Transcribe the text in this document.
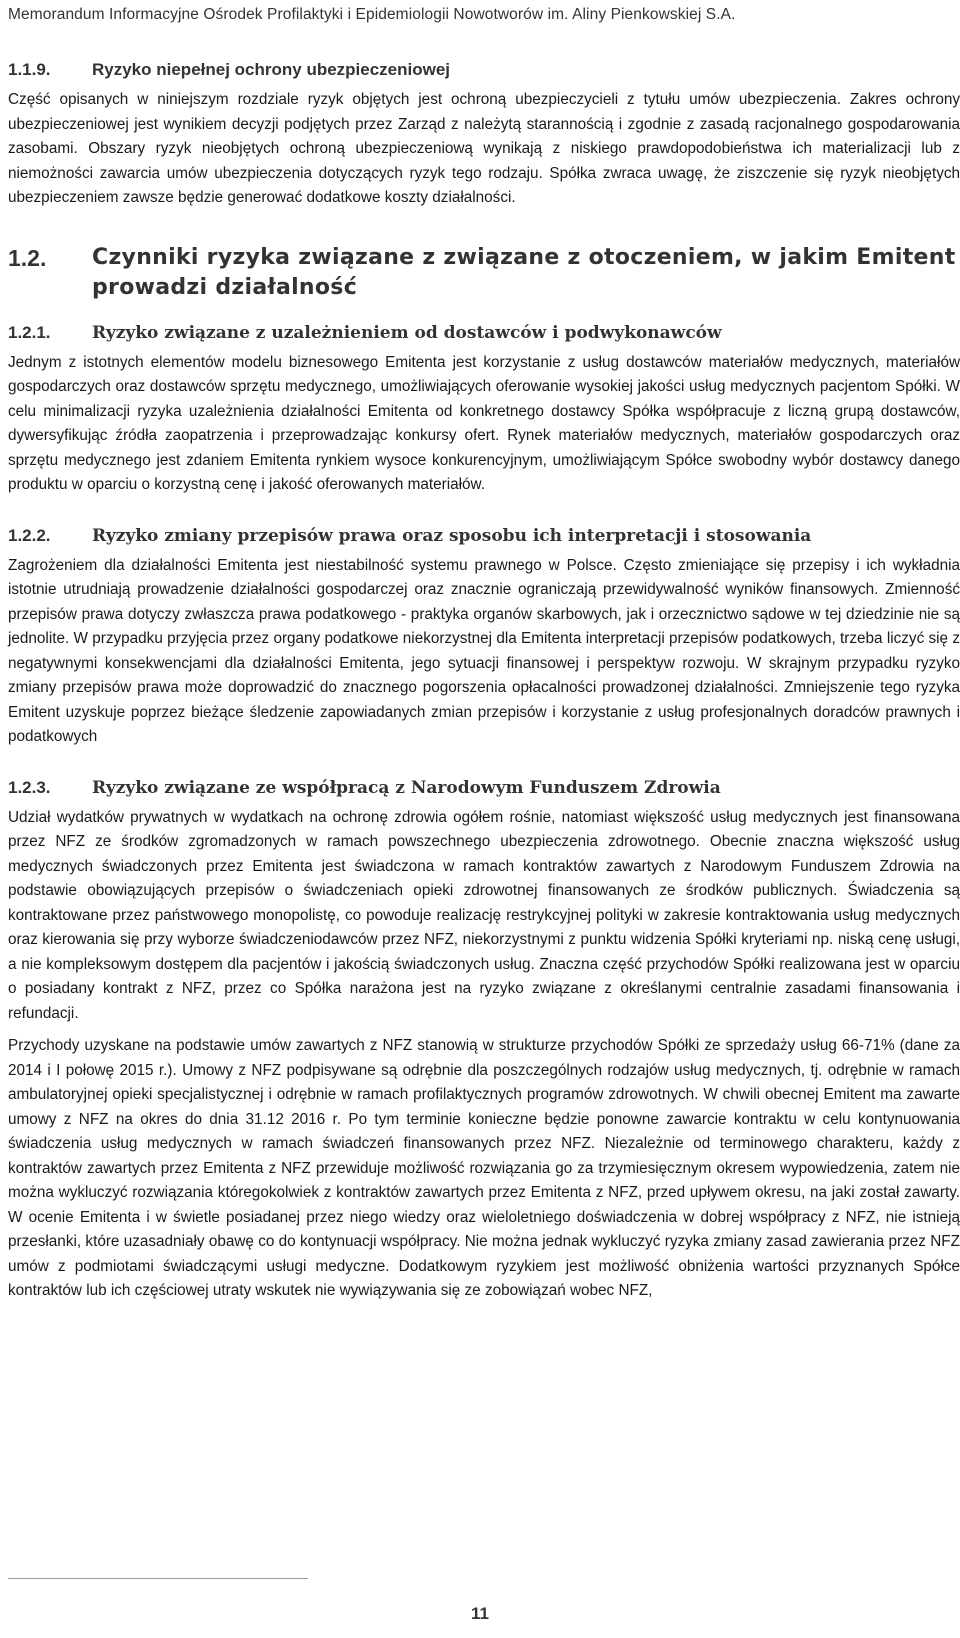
Memorandum Informacyjne Ośrodek Profilaktyki i Epidemiologii Nowotworów im. Aliny Pienkowskiej S.A.
1.1.9.	Ryzyko niepełnej ochrony ubezpieczeniowej

Część opisanych w niniejszym rozdziale ryzyk objętych jest ochroną ubezpieczycieli z tytułu umów ubezpieczenia. Zakres ochrony ubezpieczeniowej jest wynikiem decyzji podjętych przez Zarząd z należytą starannością i zgodnie z zasadą racjonalnego gospodarowania zasobami. Obszary ryzyk nieobjętych ochroną ubezpieczeniową wynikają z niskiego prawdopodobieństwa ich materializacji lub z niemożności zawarcia umów ubezpieczenia dotyczących ryzyk tego rodzaju. Spółka zwraca uwagę, że ziszczenie się ryzyk nieobjętych ubezpieczeniem zawsze będzie generować dodatkowe koszty działalności.

1.2.	Czynniki ryzyka związane z związane z otoczeniem, w jakim Emitent prowadzi działalność
1.2.1.	Ryzyko związane z uzależnieniem od dostawców i podwykonawców

Jednym z istotnych elementów modelu biznesowego Emitenta jest korzystanie z usług dostawców materiałów medycznych, materiałów gospodarczych oraz dostawców sprzętu medycznego, umożliwiających oferowanie wysokiej jakości usług medycznych pacjentom Spółki. W celu minimalizacji ryzyka uzależnienia działalności Emitenta od konkretnego dostawcy Spółka współpracuje z liczną grupą dostawców, dywersyfikując źródła zaopatrzenia i przeprowadzając konkursy ofert. Rynek materiałów medycznych, materiałów gospodarczych oraz sprzętu medycznego jest zdaniem Emitenta rynkiem wysoce konkurencyjnym, umożliwiającym Spółce swobodny wybór dostawcy danego produktu w oparciu o korzystną cenę i jakość oferowanych materiałów.

1.2.2.	Ryzyko zmiany przepisów prawa oraz sposobu ich interpretacji i stosowania

Zagrożeniem dla działalności Emitenta jest niestabilność systemu prawnego w Polsce. Często zmieniające się przepisy i ich wykładnia istotnie utrudniają prowadzenie działalności gospodarczej oraz znacznie ograniczają przewidywalność wyników finansowych. Zmienność przepisów prawa dotyczy zwłaszcza prawa podatkowego - praktyka organów skarbowych, jak i orzecznictwo sądowe w tej dziedzinie nie są jednolite. W przypadku przyjęcia przez organy podatkowe niekorzystnej dla Emitenta interpretacji przepisów podatkowych, trzeba liczyć się z negatywnymi konsekwencjami dla działalności Emitenta, jego sytuacji finansowej i perspektyw rozwoju. W skrajnym przypadku ryzyko zmiany przepisów prawa może doprowadzić do znacznego pogorszenia opłacalności prowadzonej działalności. Zmniejszenie tego ryzyka Emitent uzyskuje poprzez bieżące śledzenie zapowiadanych zmian przepisów i korzystanie z usług profesjonalnych doradców prawnych i podatkowych

1.2.3.	Ryzyko związane ze współpracą z Narodowym Funduszem Zdrowia

Udział wydatków prywatnych w wydatkach na ochronę zdrowia ogółem rośnie, natomiast większość usług medycznych jest finansowana przez NFZ ze środków zgromadzonych w ramach powszechnego ubezpieczenia zdrowotnego. Obecnie znaczna większość usług medycznych świadczonych przez Emitenta jest świadczona w ramach kontraktów zawartych z Narodowym Funduszem Zdrowia na podstawie obowiązujących przepisów o świadczeniach opieki zdrowotnej finansowanych ze środków publicznych. Świadczenia są kontraktowane przez państwowego monopolistę, co powoduje realizację restrykcyjnej polityki w zakresie kontraktowania usług medycznych oraz kierowania się przy wyborze świadczeniodawców przez NFZ, niekorzystnymi z punktu widzenia Spółki kryteriami np. niską cenę usługi, a nie kompleksowym dostępem dla pacjentów i jakością świadczonych usług. Znaczna część przychodów Spółki realizowana jest w oparciu o posiadany kontrakt z NFZ, przez co Spółka narażona jest na ryzyko związane z określanymi centralnie zasadami finansowania i refundacji.

Przychody uzyskane na podstawie umów zawartych z NFZ stanowią w strukturze przychodów Spółki ze sprzedaży usług 66-71% (dane za 2014 i I połowę 2015 r.). Umowy z NFZ podpisywane są odrębnie dla poszczególnych rodzajów usług medycznych, tj. odrębnie w ramach ambulatoryjnej opieki specjalistycznej i odrębnie w ramach profilaktycznych programów zdrowotnych. W chwili obecnej Emitent ma zawarte umowy z NFZ na okres do dnia 31.12 2016 r. Po tym terminie konieczne będzie ponowne zawarcie kontraktu w celu kontynuowania świadczenia usług medycznych w ramach świadczeń finansowanych przez NFZ. Niezależnie od terminowego charakteru, każdy z kontraktów zawartych przez Emitenta z NFZ przewiduje możliwość rozwiązania go za trzymiesięcznym okresem wypowiedzenia, zatem nie można wykluczyć rozwiązania któregokolwiek z kontraktów zawartych przez Emitenta z NFZ, przed upływem okresu, na jaki został zawarty. W ocenie Emitenta i w świetle posiadanej przez niego wiedzy oraz wieloletniego doświadczenia w dobrej współpracy z NFZ, nie istnieją przesłanki, które uzasadniały obawę co do kontynuacji współpracy. Nie można jednak wykluczyć ryzyka zmiany zasad zawierania przez NFZ umów z podmiotami świadczącymi usługi medyczne. Dodatkowym ryzykiem jest możliwość obniżenia wartości przyznanych Spółce kontraktów lub ich częściowej utraty wskutek nie wywiązywania się ze zobowiązań wobec NFZ,

11
